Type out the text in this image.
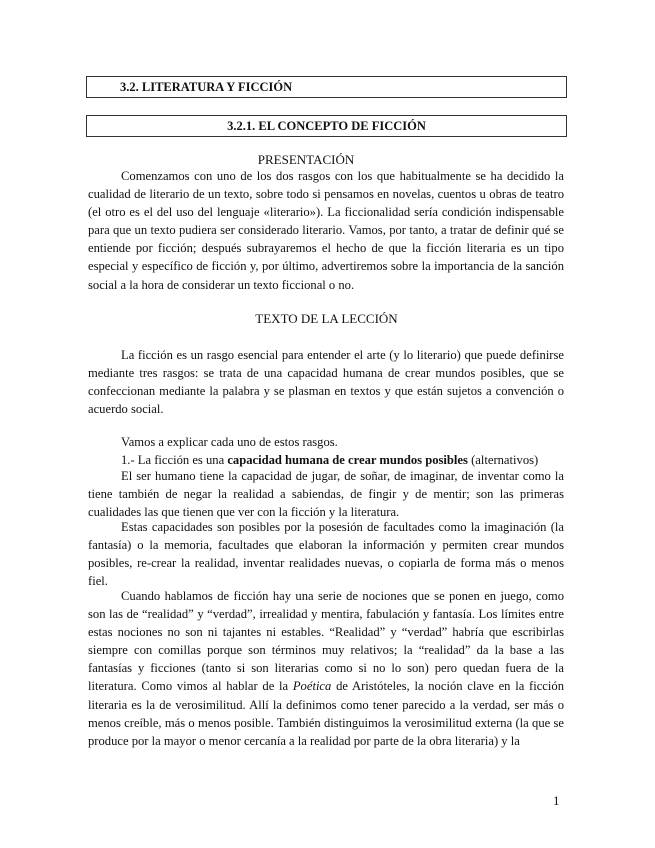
3.2. LITERATURA Y FICCIÓN
3.2.1. EL CONCEPTO DE FICCIÓN
PRESENTACIÓN

Comenzamos con uno de los dos rasgos con los que habitualmente se ha decidido la cualidad de literario de un texto, sobre todo si pensamos en novelas, cuentos u obras de teatro (el otro es el del uso del lenguaje «literario»). La ficcionalidad sería condición indispensable para que un texto pudiera ser considerado literario. Vamos, por tanto, a tratar de definir qué se entiende por ficción; después subrayaremos el hecho de que la ficción literaria es un tipo especial y específico de ficción y, por último, advertiremos sobre la importancia de la sanción social a la hora de considerar un texto ficcional o no.

TEXTO DE LA LECCIÓN

La ficción es un rasgo esencial para entender el arte (y lo literario) que puede definirse mediante tres rasgos: se trata de una capacidad humana de crear mundos posibles, que se confeccionan mediante la palabra y se plasman en textos y que están sujetos a convención o acuerdo social.

Vamos a explicar cada uno de estos rasgos.

1.- La ficción es una capacidad humana de crear mundos posibles (alternativos)

El ser humano tiene la capacidad de jugar, de soñar, de imaginar, de inventar como la tiene también de negar la realidad a sabiendas, de fingir y de mentir; son las primeras cualidades las que tienen que ver con la ficción y la literatura.

Estas capacidades son posibles por la posesión de facultades como la imaginación (la fantasía) o la memoria, facultades que elaboran la información y permiten crear mundos posibles, re-crear la realidad, inventar realidades nuevas, o copiarla de forma más o menos fiel.

Cuando hablamos de ficción hay una serie de nociones que se ponen en juego, como son las de “realidad” y “verdad”, irrealidad y mentira, fabulación y fantasía. Los límites entre estas nociones no son ni tajantes ni estables. “Realidad” y “verdad” habría que escribirlas siempre con comillas porque son términos muy relativos; la “realidad” da la base a las fantasías y ficciones (tanto si son literarias como si no lo son) pero quedan fuera de la literatura. Como vimos al hablar de la Poética de Aristóteles, la noción clave en la ficción literaria es la de verosimilitud. Allí la definimos como tener parecido a la verdad, ser más o menos creíble, más o menos posible. También distinguimos la verosimilitud externa (la que se produce por la mayor o menor cercanía a la realidad por parte de la obra literaria) y la

1
